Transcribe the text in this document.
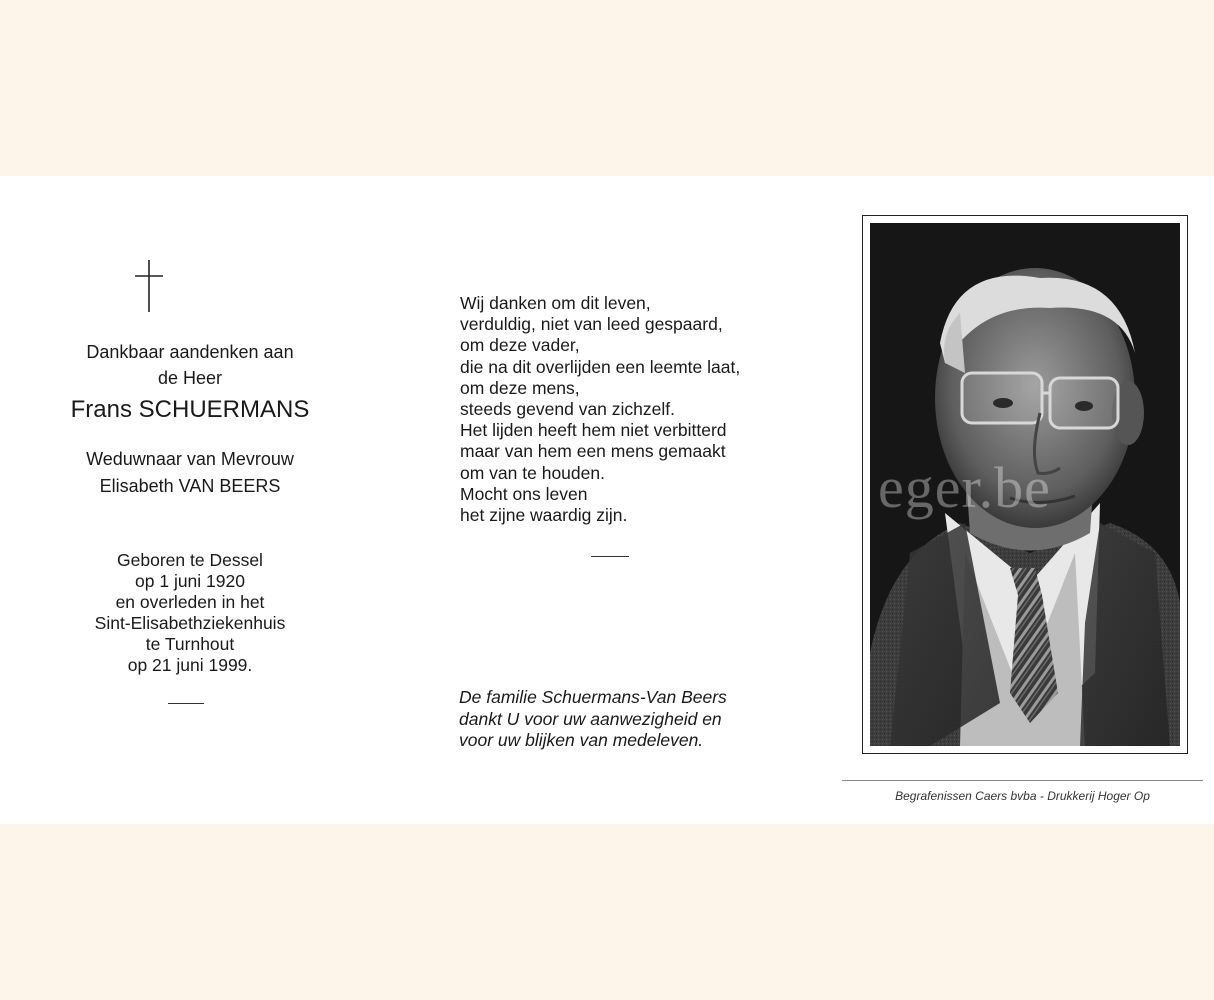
Dankbaar aandenken aan
de Heer
Frans SCHUERMANS
Weduwnaar van Mevrouw
Elisabeth VAN BEERS
Geboren te Dessel
op 1 juni 1920
en overleden in het
Sint-Elisabethziekenhuis
te Turnhout
op 21 juni 1999.
Wij danken om dit leven,
verduldig, niet van leed gespaard,
om deze vader,
die na dit overlijden een leemte laat,
om deze mens,
steeds gevend van zichzelf.
Het lijden heeft hem niet verbitterd
maar van hem een mens gemaakt
om van te houden.
Mocht ons leven
het zijne waardig zijn.
De familie Schuermans-Van Beers
dankt U voor uw aanwezigheid en
voor uw blijken van medeleven.
eger.be
Begrafenissen Caers bvba - Drukkerij Hoger Op
